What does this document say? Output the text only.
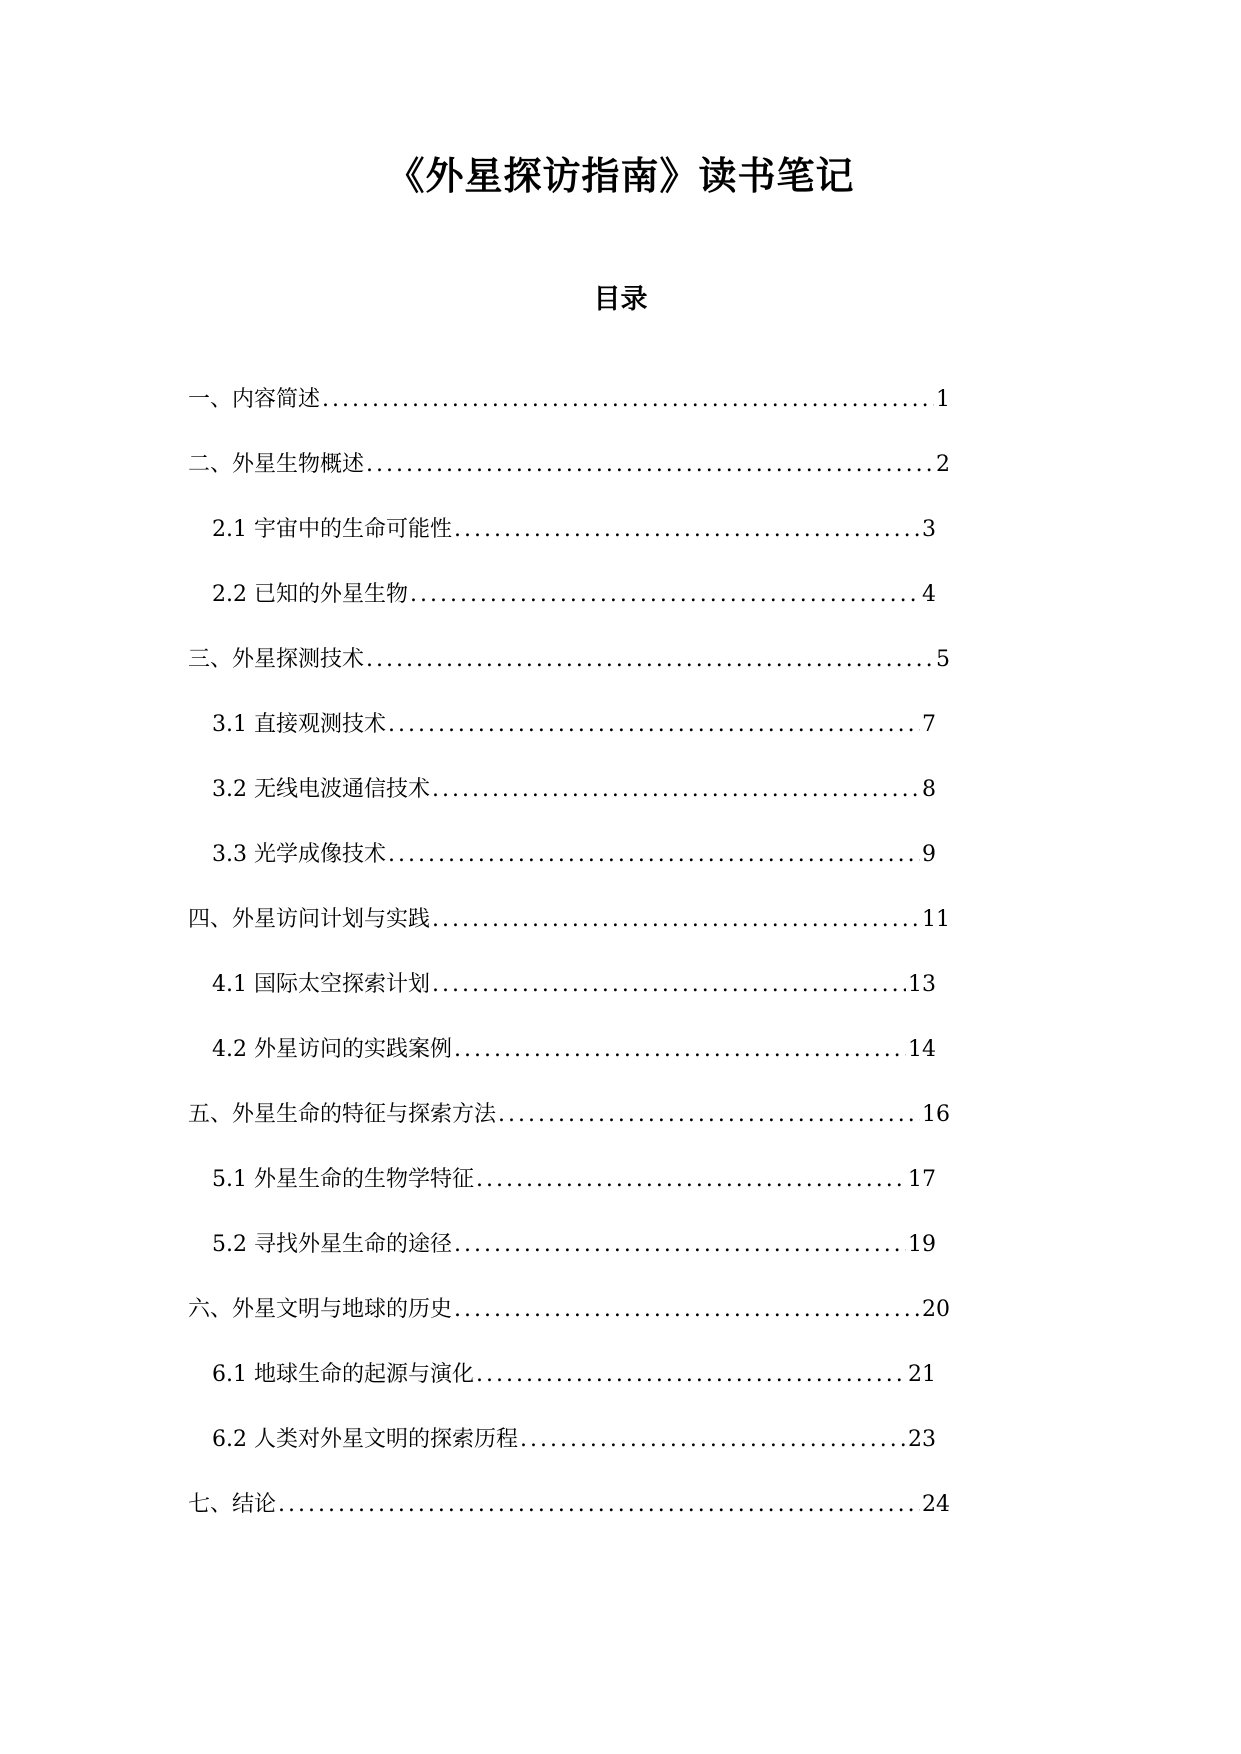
《外星探访指南》读书笔记
目录
一、内容简述 .....	1
二、外星生物概述 .....	2
2.1 宇宙中的生命可能性 .....	3
2.2 已知的外星生物 .....	4
三、外星探测技术 .....	5
3.1 直接观测技术 .....	7
3.2 无线电波通信技术 .....	8
3.3 光学成像技术 .....	9
四、外星访问计划与实践 .....	11
4.1 国际太空探索计划 .....	13
4.2 外星访问的实践案例 .....	14
五、外星生命的特征与探索方法 .....	16
5.1 外星生命的生物学特征 .....	17
5.2 寻找外星生命的途径 .....	19
六、外星文明与地球的历史 .....	20
6.1 地球生命的起源与演化 .....	21
6.2 人类对外星文明的探索历程 .....	23
七、结论 .....	24
